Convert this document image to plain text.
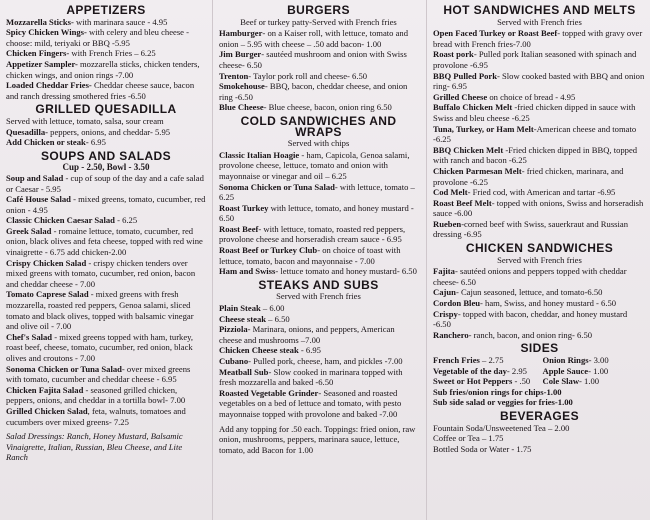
APPETIZERS
Mozzarella Sticks- with marinara sauce - 4.95
Spicy Chicken Wings- with celery and bleu cheese - choose: mild, teriyaki or BBQ -5.95
Chicken Fingers- with French Fries – 6.25
Appetizer Sampler- mozzarella sticks, chicken tenders, chicken wings, and onion rings -7.00
Loaded Cheddar Fries- Cheddar cheese sauce, bacon and ranch dressing smothered fries -6.50
GRILLED QUESADILLA
Served with lettuce, tomato, salsa, sour cream
Quesadilla- peppers, onions, and cheddar- 5.95
Add Chicken or steak- 6.95
SOUPS AND SALADS
Cup - 2.50, Bowl - 3.50
Soup and Salad - cup of soup of the day and a cafe salad or Caesar - 5.95
Café House Salad - mixed greens, tomato, cucumber, red onion - 4.95
Classic Chicken Caesar Salad - 6.25
Greek Salad - romaine lettuce, tomato, cucumber, red onion, black olives and feta cheese, topped with red wine vinaigrette - 6.75 add chicken-2.00
Crispy Chicken Salad - crispy chicken tenders over mixed greens with tomato, cucumber, red onion, bacon and cheddar cheese - 7.00
Tomato Caprese Salad - mixed greens with fresh mozzarella, roasted red peppers, Genoa salami, sliced tomato and black olives, topped with balsamic vinegar and olive oil - 7.00
Chef's Salad - mixed greens topped with ham, turkey, roast beef, cheese, tomato, cucumber, red onion, black olives and croutons - 7.00
Sonoma Chicken or Tuna Salad- over mixed greens with tomato, cucumber and cheddar cheese - 6.95
Chicken Fajita Salad - seasoned grilled chicken, peppers, onions, and cheddar in a tortilla bowl- 7.00
Grilled Chicken Salad, feta, walnuts, tomatoes and cucumbers over mixed greens- 7.25
Salad Dressings: Ranch, Honey Mustard, Balsamic Vinaigrette, Italian, Russian, Bleu Cheese, and Lite Ranch
BURGERS
Beef or turkey patty-Served with French fries
Hamburger- on a Kaiser roll, with lettuce, tomato and onion – 5.95 with cheese – .50 add bacon- 1.00
Jim Burger- sautéed mushroom and onion with Swiss cheese- 6.50
Trenton- Taylor pork roll and cheese- 6.50
Smokehouse- BBQ, bacon, cheddar cheese, and onion ring -6.50
Blue Cheese- Blue cheese, bacon, onion ring 6.50
COLD SANDWICHES AND WRAPS
Served with chips
Classic Italian Hoagie - ham, Capicola, Genoa salami, provolone cheese, lettuce, tomato and onion with mayonnaise or vinegar and oil – 6.25
Sonoma Chicken or Tuna Salad- with lettuce, tomato – 6.25
Roast Turkey with lettuce, tomato, and honey mustard - 6.50
Roast Beef- with lettuce, tomato, roasted red peppers, provolone cheese and horseradish cream sauce - 6.95
Roast Beef or Turkey Club- on choice of toast with lettuce, tomato, bacon and mayonnaise - 7.00
Ham and Swiss- lettuce tomato and honey mustard- 6.50
STEAKS AND SUBS
Served with French fries
Plain Steak – 6.00
Cheese steak – 6.50
Pizziola- Marinara, onions, and peppers, American cheese and mushrooms –7.00
Chicken Cheese steak - 6.95
Cubano- Pulled pork, cheese, ham, and pickles -7.00
Meatball Sub- Slow cooked in marinara topped with fresh mozzarella and baked -6.50
Roasted Vegetable Grinder- Seasoned and roasted vegetables on a bed of lettuce and tomato, with pesto mayonnaise topped with provolone and baked -7.00
Add any topping for .50 each. Toppings: fried onion, raw onion, mushrooms, peppers, marinara sauce, lettuce, tomato, add Bacon for 1.00
HOT SANDWICHES AND MELTS
Served with French fries
Open Faced Turkey or Roast Beef- topped with gravy over bread with French fries-7.00
Roast pork- Pulled pork Italian seasoned with spinach and provolone -6.95
BBQ Pulled Pork- Slow cooked basted with BBQ and onion ring- 6.95
Grilled Cheese on choice of bread - 4.95
Buffalo Chicken Melt -fried chicken dipped in sauce with Swiss and bleu cheese -6.25
Tuna, Turkey, or Ham Melt-American cheese and tomato -6.25
BBQ Chicken Melt -Fried chicken dipped in BBQ, topped with ranch and bacon -6.25
Chicken Parmesan Melt- fried chicken, marinara, and provolone -6.25
Cod Melt- Fried cod, with American and tartar -6.95
Roast Beef Melt- topped with onions, Swiss and horseradish sauce -6.00
Rueben-corned beef with Swiss, sauerkraut and Russian dressing -6.95
CHICKEN SANDWICHES
Served with French fries
Fajita- sautéed onions and peppers topped with cheddar cheese- 6.50
Cajun- Cajun seasoned, lettuce, and tomato-6.50
Cordon Bleu- ham, Swiss, and honey mustard - 6.50
Crispy- topped with bacon, cheddar, and honey mustard -6.50
Ranchero- ranch, bacon, and onion ring- 6.50
SIDES
French Fries – 2.75	Onion Rings- 3.00
Vegetable of the day- 2.95	Apple Sauce- 1.00
Sweet or Hot Peppers - .50	Cole Slaw- 1.00
Sub fries/onion rings for chips-1.00
Sub side salad or veggies for fries-1.00
BEVERAGES
Fountain Soda/Unsweetened Tea – 2.00
Coffee or Tea – 1.75
Bottled Soda or Water - 1.75
